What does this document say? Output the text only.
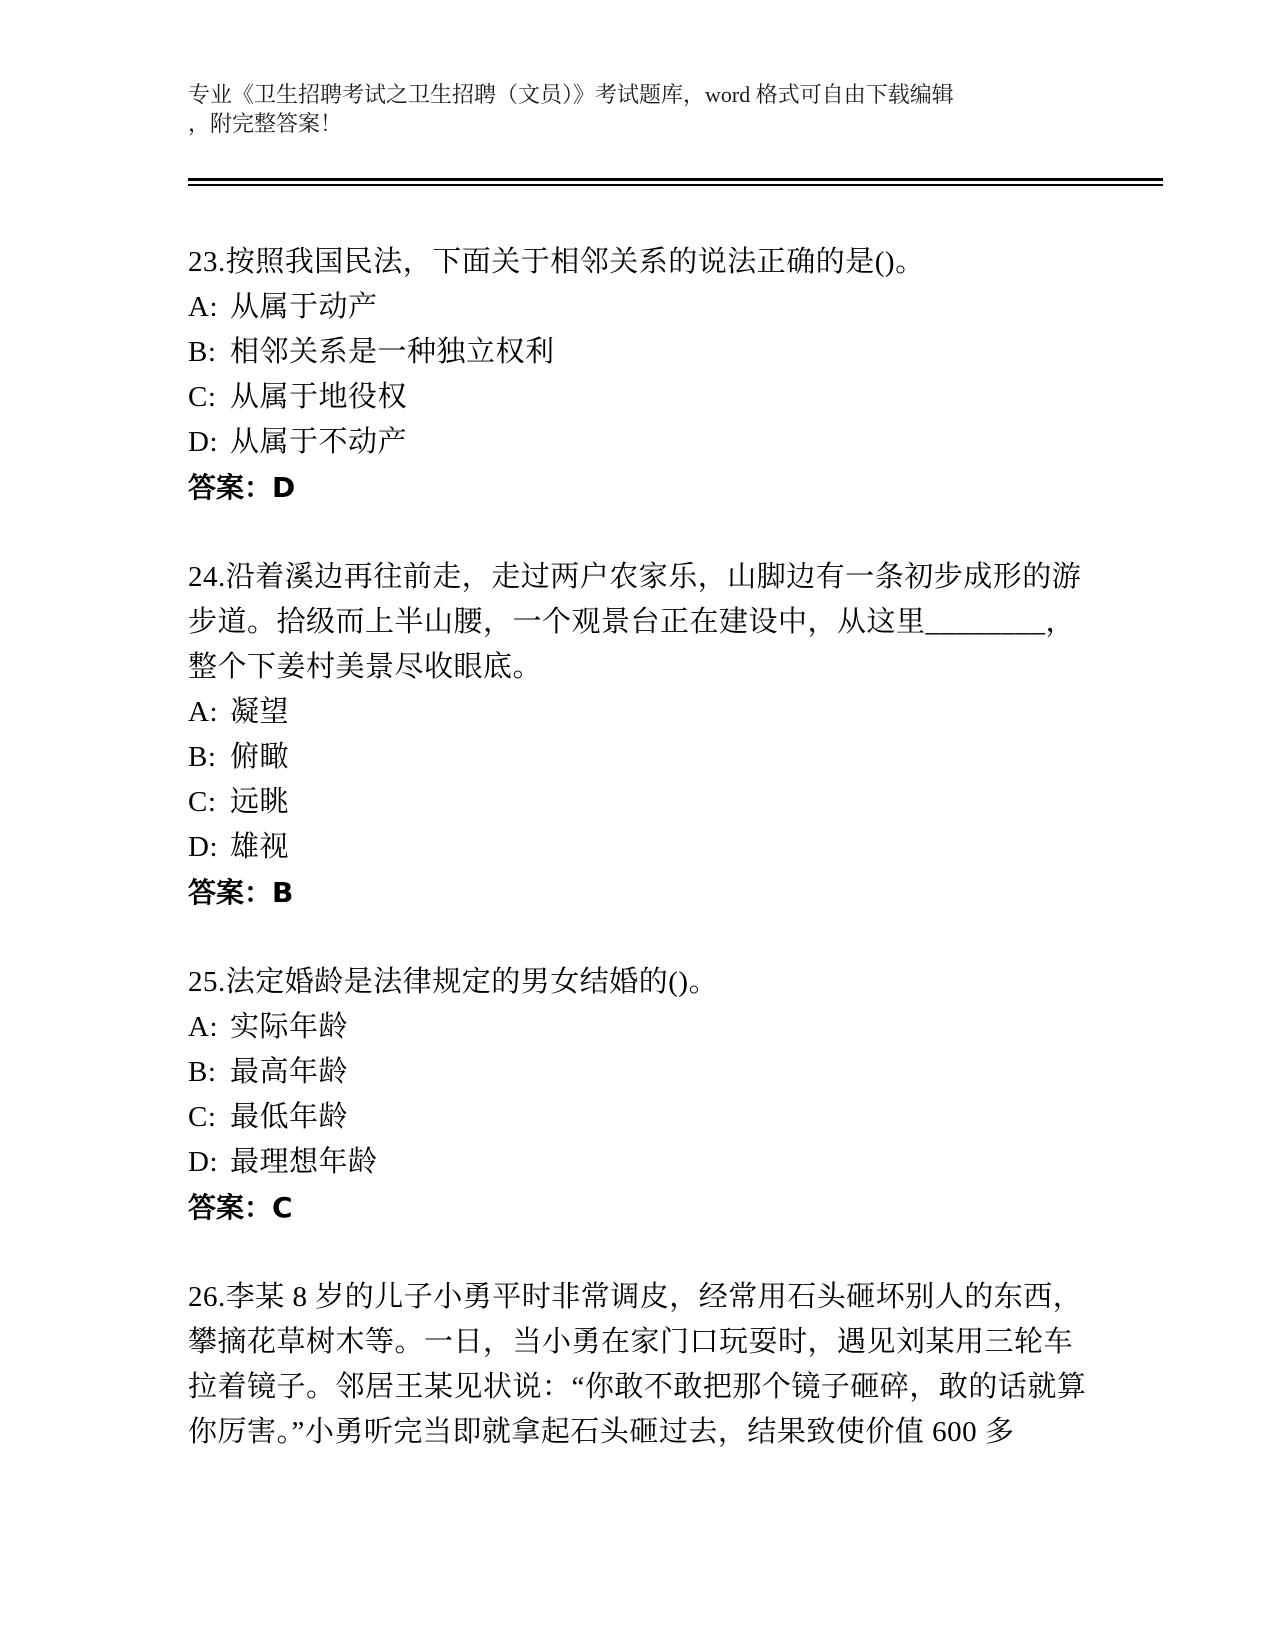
专业《卫生招聘考试之卫生招聘（文员）》考试题库，word 格式可自由下载编辑
，附完整答案！
23.按照我国民法，下面关于相邻关系的说法正确的是()。
A: 从属于动产
B: 相邻关系是一种独立权利
C: 从属于地役权
D: 从属于不动产
答案：D
24.沿着溪边再往前走，走过两户农家乐，山脚边有一条初步成形的游步道。拾级而上半山腰，一个观景台正在建设中，从这里________，整个下姜村美景尽收眼底。
A: 凝望
B: 俯瞰
C: 远眺
D: 雄视
答案：B
25.法定婚龄是法律规定的男女结婚的()。
A: 实际年龄
B: 最高年龄
C: 最低年龄
D: 最理想年龄
答案：C
26.李某 8 岁的儿子小勇平时非常调皮，经常用石头砸坏别人的东西，攀摘花草树木等。一日，当小勇在家门口玩耍时，遇见刘某用三轮车拉着镜子。邻居王某见状说：“你敢不敢把那个镜子砸碎，敢的话就算你厉害。”小勇听完当即就拿起石头砸过去，结果致使价值 600 多
